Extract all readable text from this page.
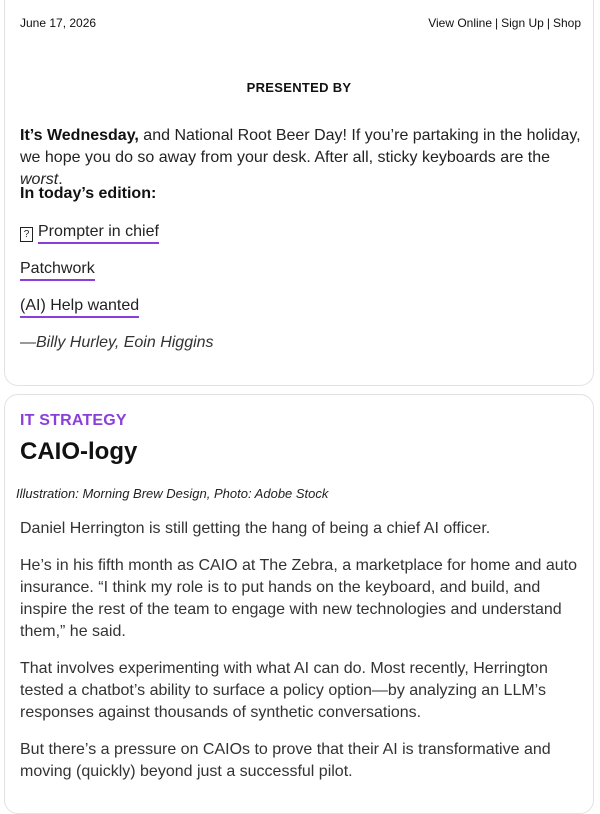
June 17, 2026	View Online | Sign Up | Shop
PRESENTED BY
It’s Wednesday, and National Root Beer Day! If you’re partaking in the holiday, we hope you do so away from your desk. After all, sticky keyboards are the worst.
In today’s edition:
? Prompter in chief
Patchwork
(AI) Help wanted
—Billy Hurley, Eoin Higgins
IT STRATEGY
CAIO-logy
Illustration: Morning Brew Design, Photo: Adobe Stock

Daniel Herrington is still getting the hang of being a chief AI officer.

He’s in his fifth month as CAIO at The Zebra, a marketplace for home and auto insurance. “I think my role is to put hands on the keyboard, and build, and inspire the rest of the team to engage with new technologies and understand them,” he said.

That involves experimenting with what AI can do. Most recently, Herrington tested a chatbot’s ability to surface a policy option—by analyzing an LLM’s responses against thousands of synthetic conversations.

But there’s a pressure on CAIOs to prove that their AI is transformative and moving (quickly) beyond just a successful pilot.
